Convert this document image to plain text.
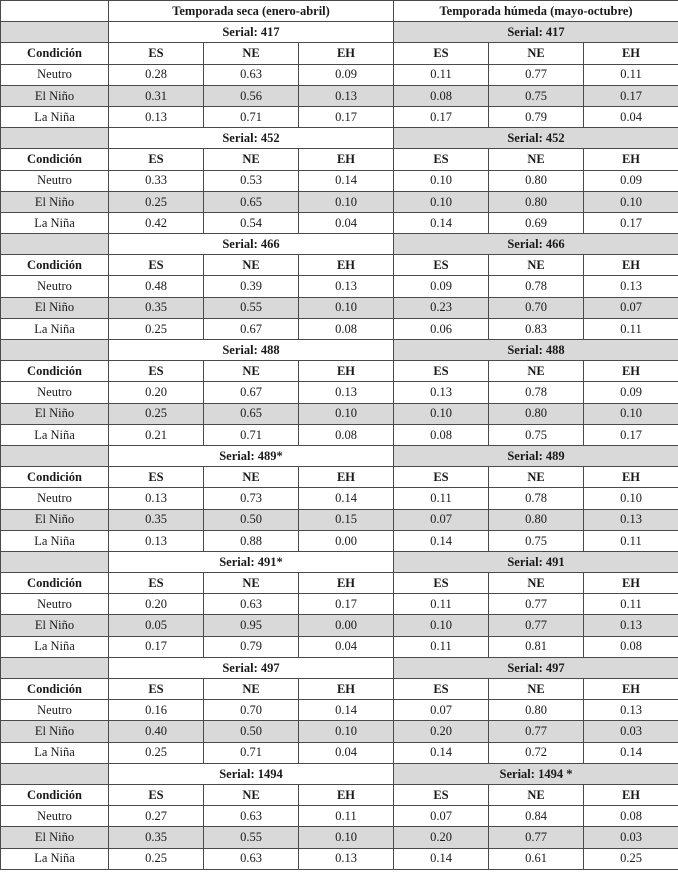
	Temporada seca (enero-abril)			Temporada húmeda (mayo-octubre)		
	Serial: 417			Serial: 417		
Condición	ES	NE	EH	ES	NE	EH
Neutro	0.28	0.63	0.09	0.11	0.77	0.11
El Niño	0.31	0.56	0.13	0.08	0.75	0.17
La Niña	0.13	0.71	0.17	0.17	0.79	0.04
	Serial: 452			Serial: 452		
Condición	ES	NE	EH	ES	NE	EH
Neutro	0.33	0.53	0.14	0.10	0.80	0.09
El Niño	0.25	0.65	0.10	0.10	0.80	0.10
La Niña	0.42	0.54	0.04	0.14	0.69	0.17
	Serial: 466			Serial: 466		
Condición	ES	NE	EH	ES	NE	EH
Neutro	0.48	0.39	0.13	0.09	0.78	0.13
El Niño	0.35	0.55	0.10	0.23	0.70	0.07
La Niña	0.25	0.67	0.08	0.06	0.83	0.11
	Serial: 488			Serial: 488		
Condición	ES	NE	EH	ES	NE	EH
Neutro	0.20	0.67	0.13	0.13	0.78	0.09
El Niño	0.25	0.65	0.10	0.10	0.80	0.10
La Niña	0.21	0.71	0.08	0.08	0.75	0.17
	Serial: 489*			Serial: 489		
Condición	ES	NE	EH	ES	NE	EH
Neutro	0.13	0.73	0.14	0.11	0.78	0.10
El Niño	0.35	0.50	0.15	0.07	0.80	0.13
La Niña	0.13	0.88	0.00	0.14	0.75	0.11
	Serial: 491*			Serial: 491		
Condición	ES	NE	EH	ES	NE	EH
Neutro	0.20	0.63	0.17	0.11	0.77	0.11
El Niño	0.05	0.95	0.00	0.10	0.77	0.13
La Niña	0.17	0.79	0.04	0.11	0.81	0.08
	Serial: 497			Serial: 497		
Condición	ES	NE	EH	ES	NE	EH
Neutro	0.16	0.70	0.14	0.07	0.80	0.13
El Niño	0.40	0.50	0.10	0.20	0.77	0.03
La Niña	0.25	0.71	0.04	0.14	0.72	0.14
	Serial: 1494			Serial: 1494 *		
Condición	ES	NE	EH	ES	NE	EH
Neutro	0.27	0.63	0.11	0.07	0.84	0.08
El Niño	0.35	0.55	0.10	0.20	0.77	0.03
La Niña	0.25	0.63	0.13	0.14	0.61	0.25
